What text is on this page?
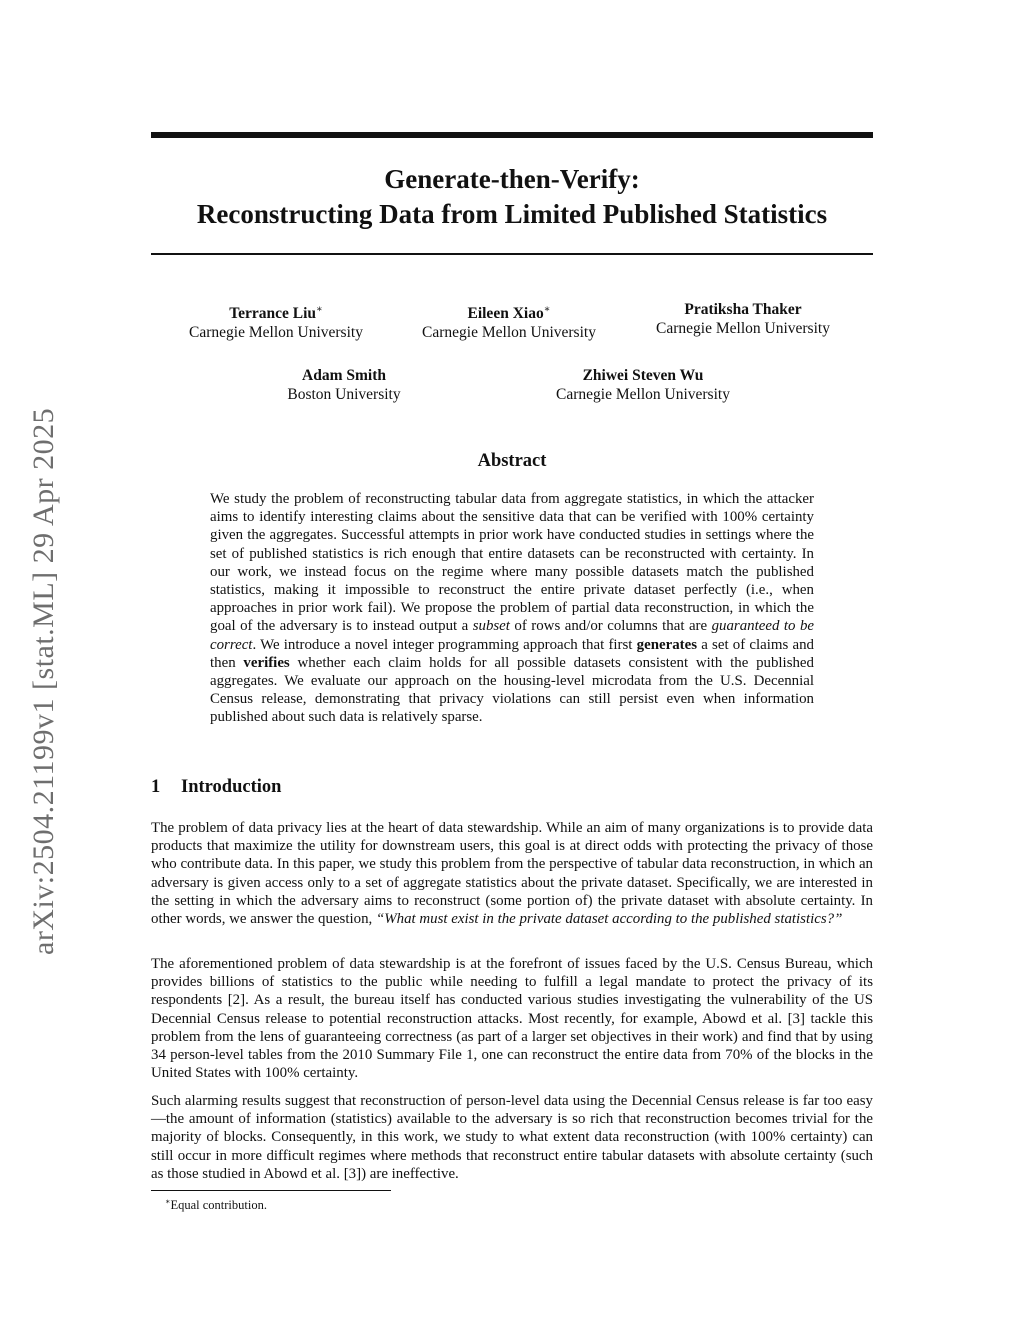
arXiv:2504.21199v1 [stat.ML] 29 Apr 2025
Generate-then-Verify:
Reconstructing Data from Limited Published Statistics
Terrance Liu∗
Carnegie Mellon University
Eileen Xiao∗
Carnegie Mellon University
Pratiksha Thaker
Carnegie Mellon University
Adam Smith
Boston University
Zhiwei Steven Wu
Carnegie Mellon University
Abstract

We study the problem of reconstructing tabular data from aggregate statistics, in which the attacker aims to identify interesting claims about the sensitive data that can be verified with 100% certainty given the aggregates. Successful attempts in prior work have conducted studies in settings where the set of published statistics is rich enough that entire datasets can be reconstructed with certainty. In our work, we instead focus on the regime where many possible datasets match the published statistics, making it impossible to reconstruct the entire private dataset perfectly (i.e., when approaches in prior work fail). We propose the problem of partial data reconstruction, in which the goal of the adversary is to instead output a subset of rows and/or columns that are guaranteed to be correct. We introduce a novel integer programming approach that first generates a set of claims and then verifies whether each claim holds for all possible datasets consistent with the published aggregates. We evaluate our approach on the housing-level microdata from the U.S. Decennial Census release, demonstrating that privacy violations can still persist even when information published about such data is relatively sparse.

1 Introduction

The problem of data privacy lies at the heart of data stewardship. While an aim of many organizations is to provide data products that maximize the utility for downstream users, this goal is at direct odds with protecting the privacy of those who contribute data. In this paper, we study this problem from the perspective of tabular data reconstruction, in which an adversary is given access only to a set of aggregate statistics about the private dataset. Specifically, we are interested in the setting in which the adversary aims to reconstruct (some portion of) the private dataset with absolute certainty. In other words, we answer the question, “What must exist in the private dataset according to the published statistics?”

The aforementioned problem of data stewardship is at the forefront of issues faced by the U.S. Census Bureau, which provides billions of statistics to the public while needing to fulfill a legal mandate to protect the privacy of its respondents [2]. As a result, the bureau itself has conducted various studies investigating the vulnerability of the US Decennial Census release to potential reconstruction attacks. Most recently, for example, Abowd et al. [3] tackle this problem from the lens of guaranteeing correctness (as part of a larger set objectives in their work) and find that by using 34 person-level tables from the 2010 Summary File 1, one can reconstruct the entire data from 70% of the blocks in the United States with 100% certainty.

Such alarming results suggest that reconstruction of person-level data using the Decennial Census release is far too easy—the amount of information (statistics) available to the adversary is so rich that reconstruction becomes trivial for the majority of blocks. Consequently, in this work, we study to what extent data reconstruction (with 100% certainty) can still occur in more difficult regimes where methods that reconstruct entire tabular datasets with absolute certainty (such as those studied in Abowd et al. [3]) are ineffective.

∗Equal contribution.
